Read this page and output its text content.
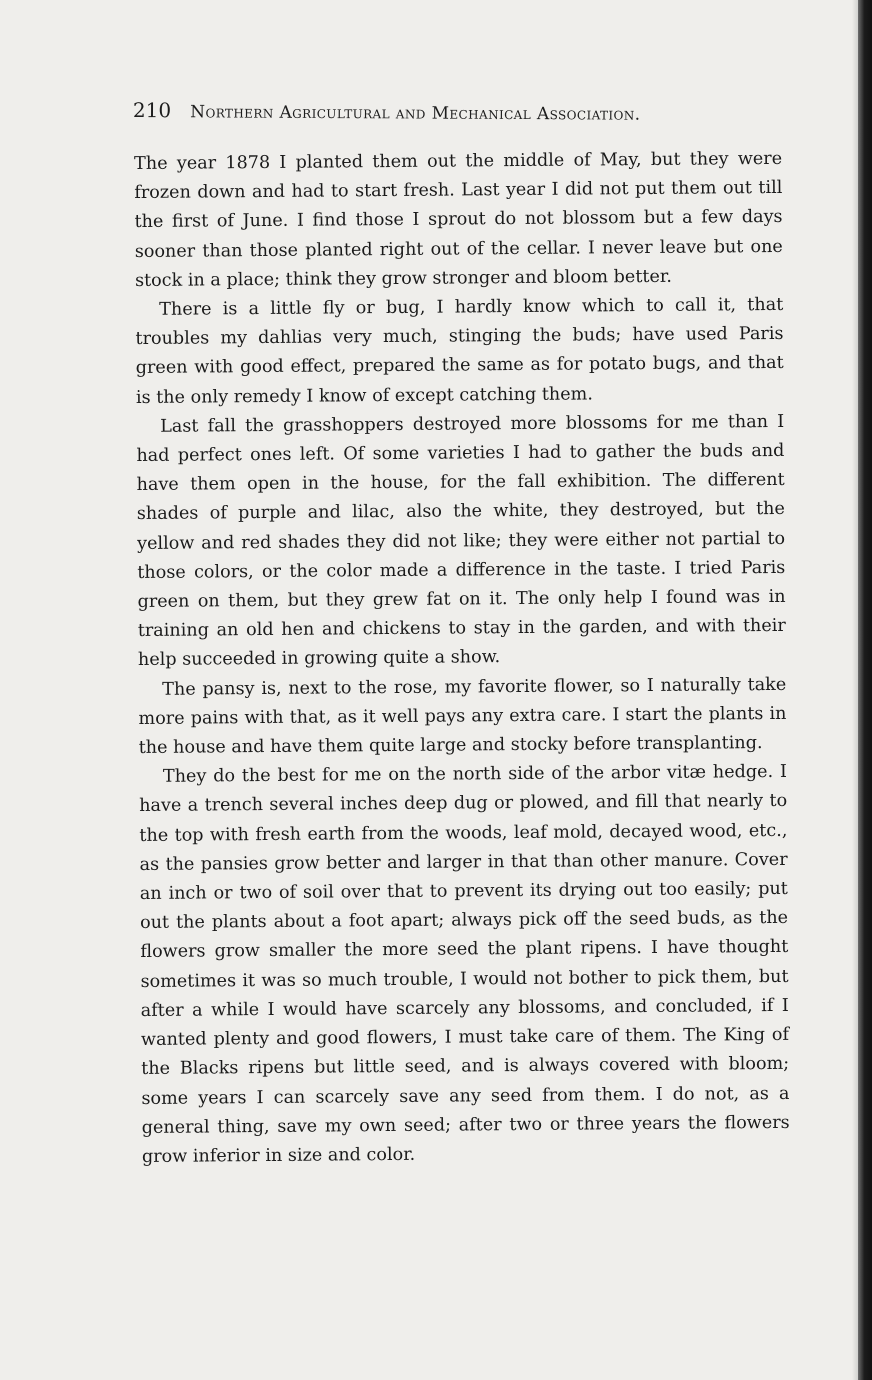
210 Northern Agricultural and Mechanical Association.

The year 1878 I planted them out the middle of May, but they were frozen down and had to start fresh. Last year I did not put them out till the first of June. I find those I sprout do not blossom but a few days sooner than those planted right out of the cellar. I never leave but one stock in a place; think they grow stronger and bloom better.

There is a little fly or bug, I hardly know which to call it, that troubles my dahlias very much, stinging the buds; have used Paris green with good effect, prepared the same as for potato bugs, and that is the only remedy I know of except catching them.

Last fall the grasshoppers destroyed more blossoms for me than I had perfect ones left. Of some varieties I had to gather the buds and have them open in the house, for the fall exhibition. The different shades of purple and lilac, also the white, they destroyed, but the yellow and red shades they did not like; they were either not partial to those colors, or the color made a difference in the taste. I tried Paris green on them, but they grew fat on it. The only help I found was in training an old hen and chickens to stay in the garden, and with their help succeeded in growing quite a show.

The pansy is, next to the rose, my favorite flower, so I naturally take more pains with that, as it well pays any extra care. I start the plants in the house and have them quite large and stocky before transplanting.

They do the best for me on the north side of the arbor vitæ hedge. I have a trench several inches deep dug or plowed, and fill that nearly to the top with fresh earth from the woods, leaf mold, decayed wood, etc., as the pansies grow better and larger in that than other manure. Cover an inch or two of soil over that to prevent its drying out too easily; put out the plants about a foot apart; always pick off the seed buds, as the flowers grow smaller the more seed the plant ripens. I have thought sometimes it was so much trouble, I would not bother to pick them, but after a while I would have scarcely any blossoms, and concluded, if I wanted plenty and good flowers, I must take care of them. The King of the Blacks ripens but little seed, and is always covered with bloom; some years I can scarcely save any seed from them. I do not, as a general thing, save my own seed; after two or three years the flowers grow inferior in size and color.
